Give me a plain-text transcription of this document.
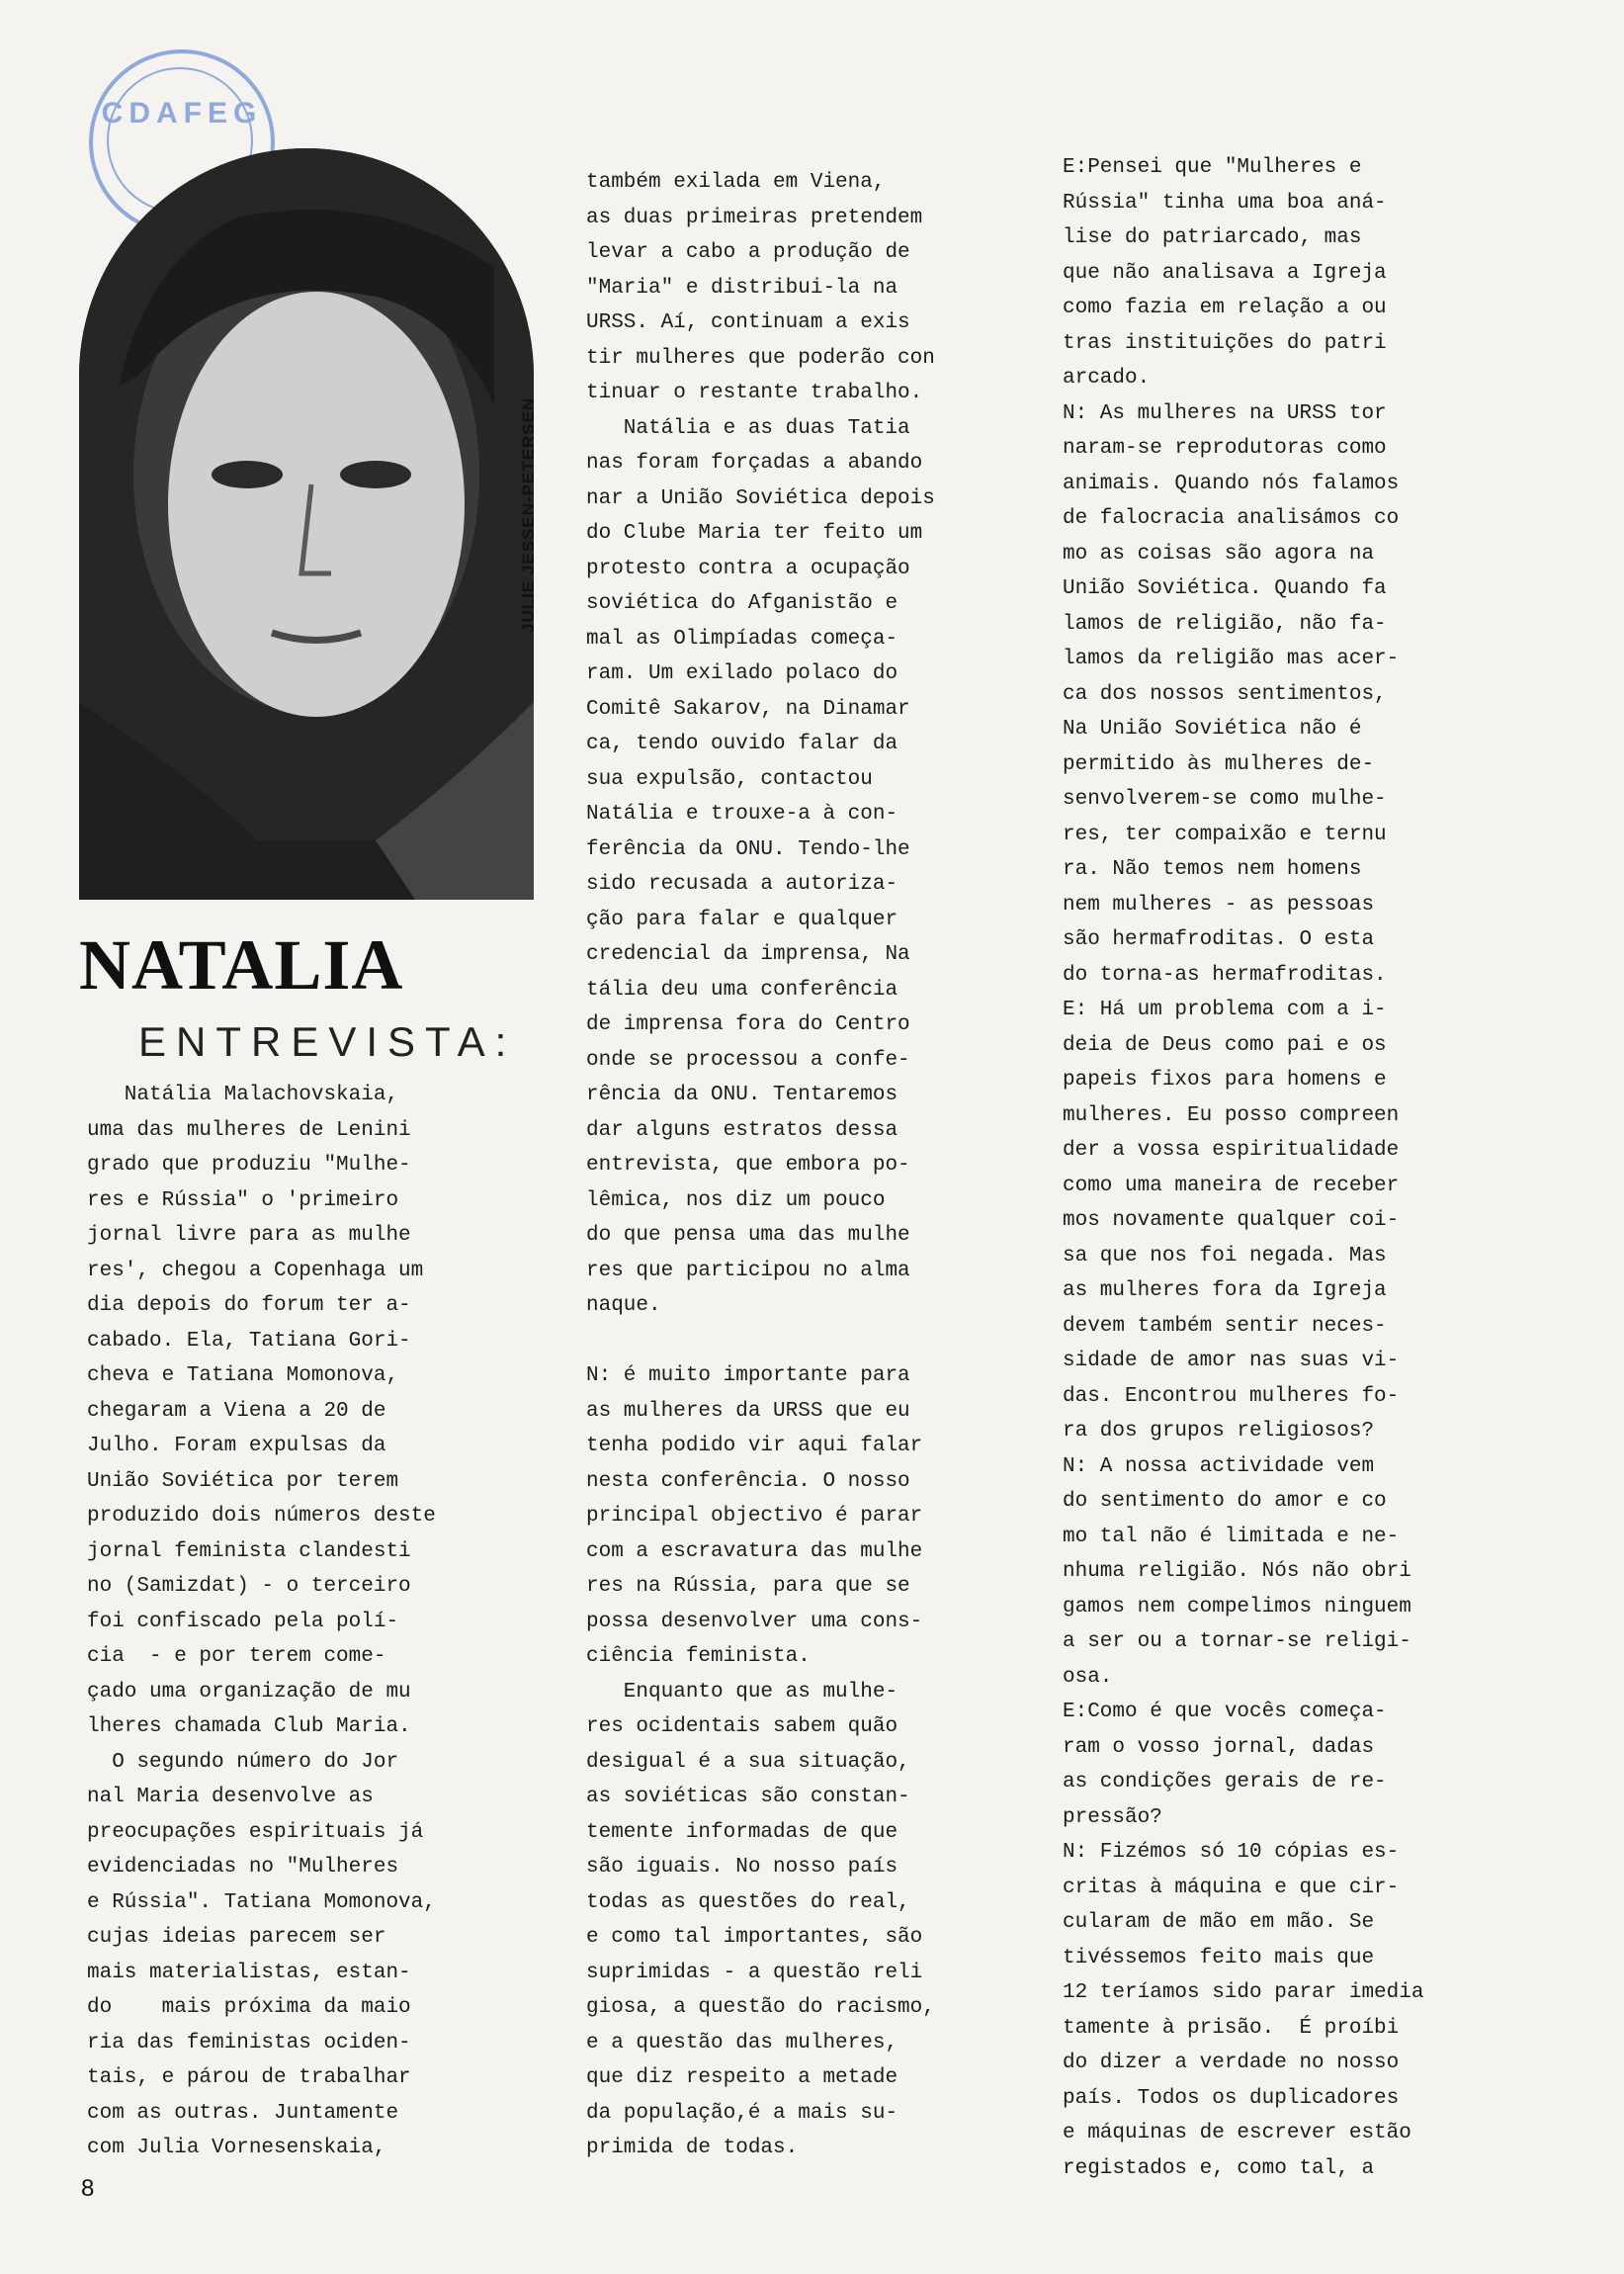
CDAFEG
JULIE JESSEN-PETERSEN
NATALIA
ENTREVISTA:
Natália Malachovskaia,
uma das mulheres de Lenini
grado que produziu "Mulhe-
res e Rússia" o 'primeiro
jornal livre para as mulhe
res', chegou a Copenhaga um
dia depois do forum ter a-
cabado. Ela, Tatiana Gori-
cheva e Tatiana Momonova,
chegaram a Viena a 20 de
Julho. Foram expulsas da
União Soviética por terem
produzido dois números deste
jornal feminista clandesti
no (Samizdat) - o terceiro
foi confiscado pela polí-
cia  - e por terem come-
çado uma organização de mu
lheres chamada Club Maria.
O segundo número do Jor
nal Maria desenvolve as
preocupações espirituais já
evidenciadas no "Mulheres
e Rússia". Tatiana Momonova,
cujas ideias parecem ser
mais materialistas, estan-
do    mais próxima da maio
ria das feministas ociden-
tais, e párou de trabalhar
com as outras. Juntamente
com Julia Vornesenskaia,
também exilada em Viena,
as duas primeiras pretendem
levar a cabo a produção de
"Maria" e distribui-la na
URSS. Aí, continuam a exis
tir mulheres que poderão con
tinuar o restante trabalho.
Natália e as duas Tatia
nas foram forçadas a abando
nar a União Soviética depois
do Clube Maria ter feito um
protesto contra a ocupação
soviética do Afganistão e
mal as Olimpíadas começa-
ram. Um exilado polaco do
Comitê Sakarov, na Dinamar
ca, tendo ouvido falar da
sua expulsão, contactou
Natália e trouxe-a à con-
ferência da ONU. Tendo-lhe
sido recusada a autoriza-
ção para falar e qualquer
credencial da imprensa, Na
tália deu uma conferência
de imprensa fora do Centro
onde se processou a confe-
rência da ONU. Tentaremos
dar alguns estratos dessa
entrevista, que embora po-
lêmica, nos diz um pouco
do que pensa uma das mulhe
res que participou no alma
naque.

N: é muito importante para
as mulheres da URSS que eu
tenha podido vir aqui falar
nesta conferência. O nosso
principal objectivo é parar
com a escravatura das mulhe
res na Rússia, para que se
possa desenvolver uma cons-
ciência feminista.
Enquanto que as mulhe-
res ocidentais sabem quão
desigual é a sua situação,
as soviéticas são constan-
temente informadas de que
são iguais. No nosso país
todas as questões do real,
e como tal importantes, são
suprimidas - a questão reli
giosa, a questão do racismo,
e a questão das mulheres,
que diz respeito a metade
da população,é a mais su-
primida de todas.
E:Pensei que "Mulheres e
Rússia" tinha uma boa aná-
lise do patriarcado, mas
que não analisava a Igreja
como fazia em relação a ou
tras instituições do patri
arcado.
N: As mulheres na URSS tor
naram-se reprodutoras como
animais. Quando nós falamos
de falocracia analisámos co
mo as coisas são agora na
União Soviética. Quando fa
lamos de religião, não fa-
lamos da religião mas acer-
ca dos nossos sentimentos,
Na União Soviética não é
permitido às mulheres de-
senvolverem-se como mulhe-
res, ter compaixão e ternu
ra. Não temos nem homens
nem mulheres - as pessoas
são hermafroditas. O esta
do torna-as hermafroditas.
E: Há um problema com a i-
deia de Deus como pai e os
papeis fixos para homens e
mulheres. Eu posso compreen
der a vossa espiritualidade
como uma maneira de receber
mos novamente qualquer coi-
sa que nos foi negada. Mas
as mulheres fora da Igreja
devem também sentir neces-
sidade de amor nas suas vi-
das. Encontrou mulheres fo-
ra dos grupos religiosos?
N: A nossa actividade vem
do sentimento do amor e co
mo tal não é limitada e ne-
nhuma religião. Nós não obri
gamos nem compelimos ninguem
a ser ou a tornar-se religi-
osa.
E:Como é que vocês começa-
ram o vosso jornal, dadas
as condições gerais de re-
pressão?
N: Fizémos só 10 cópias es-
critas à máquina e que cir-
cularam de mão em mão. Se
tivéssemos feito mais que
12 teríamos sido parar imedia
tamente à prisão.  É proíbi
do dizer a verdade no nosso
país. Todos os duplicadores
e máquinas de escrever estão
registados e, como tal, a
8
